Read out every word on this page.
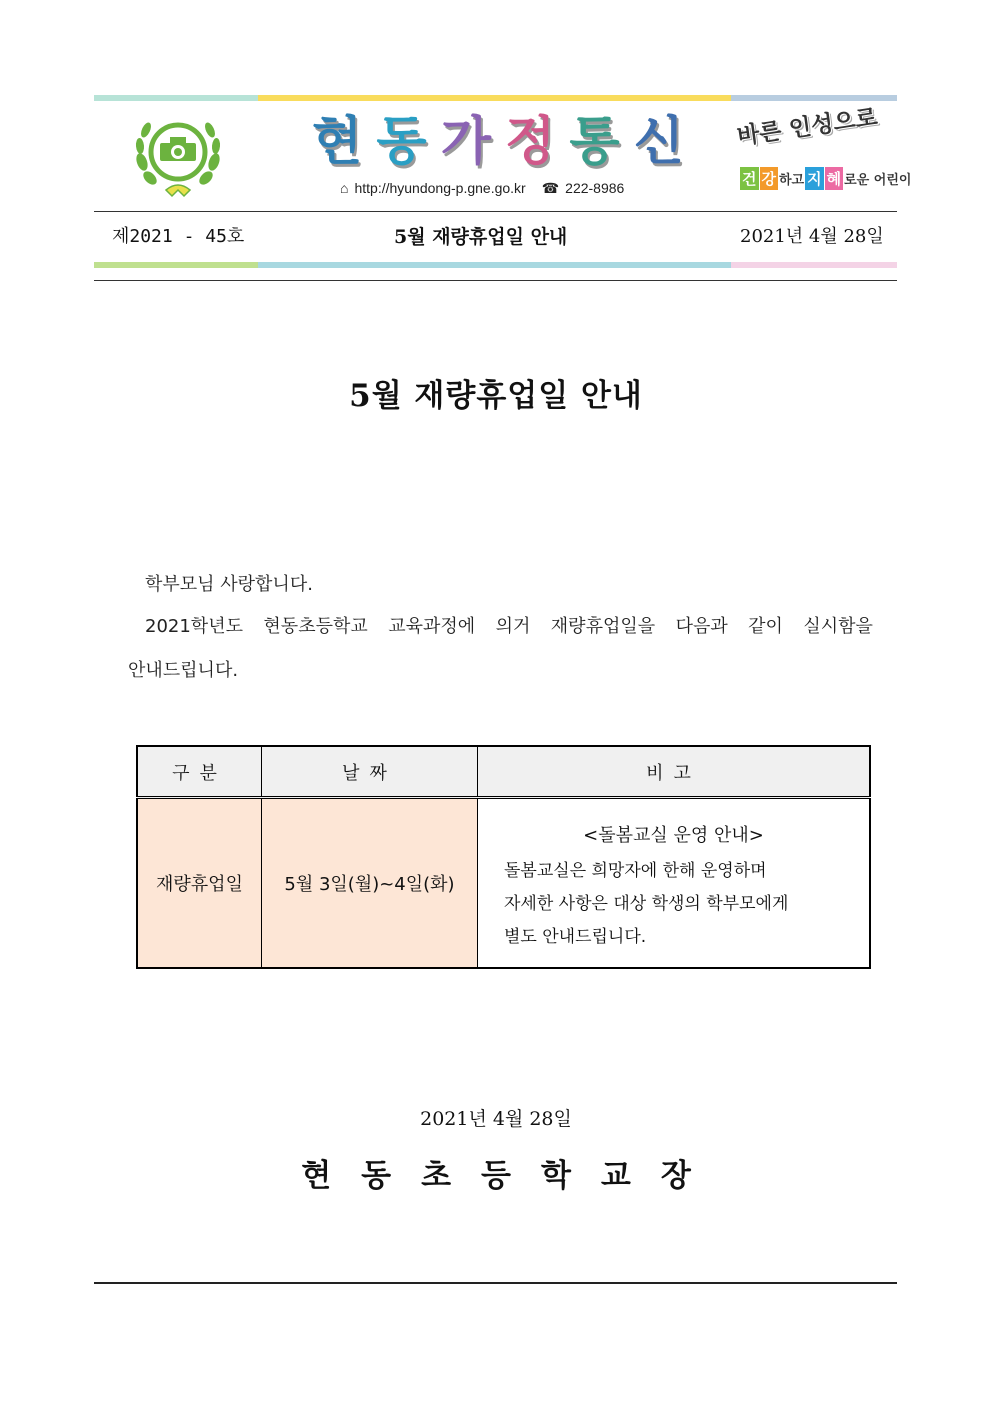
현 동 가 정 통 신
⌂ http://hyundong-p.gne.go.kr ☎ 222-8986
바른 인성으로
건 강 하고 지 혜 로운 어린이
제2021 - 45호	5월 재량휴업일 안내	2021년 4월 28일
5월 재량휴업일 안내
학부모님 사랑합니다.
2021학년도 현동초등학교 교육과정에 의거 재량휴업일을 다음과 같이 실시함을
안내드립니다.
구분	날짜	비고
재량휴업일	5월 3일(월)~4일(화)	<돌봄교실 운영 안내>
돌봄교실은 희망자에 한해 운영하며
자세한 사항은 대상 학생의 학부모에게
별도 안내드립니다.
2021년 4월 28일
현동초등학교장
